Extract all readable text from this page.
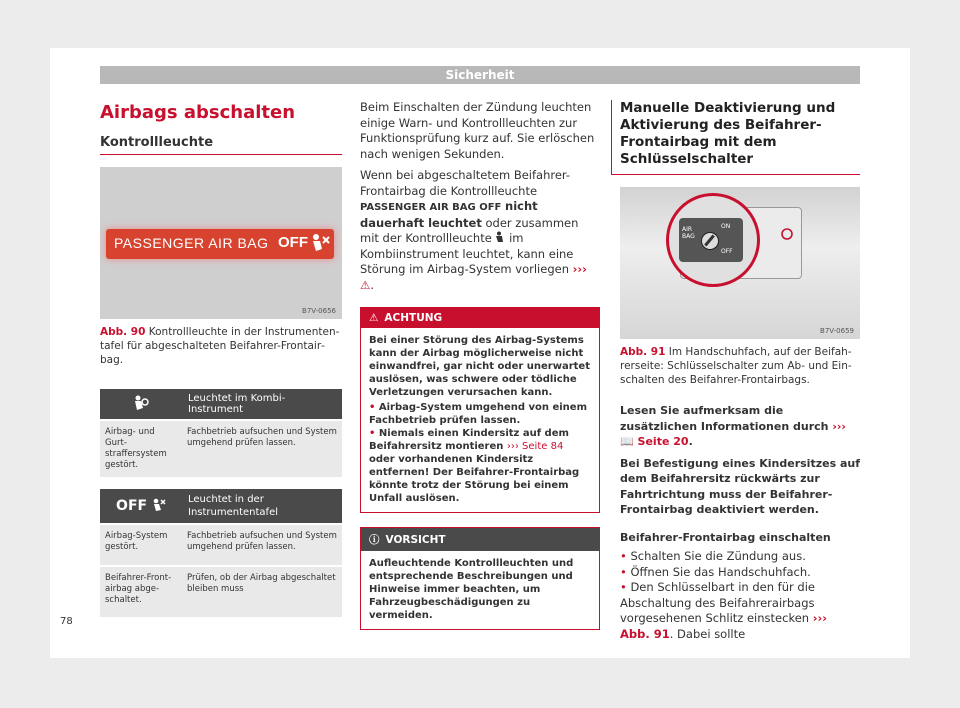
Sicherheit
Airbags abschalten
Kontrollleuchte
PASSENGER AIR BAG OFF
B7V-0656
Abb. 90 Kontrollleuchte in der Instrumententafel für abgeschalteten Beifahrer-Frontairbag.
	Leuchtet im Kombi-Instrument
Airbag- und Gurtstraffersystem gestört.	Fachbetrieb aufsuchen und System umgehend prüfen lassen.
OFF	Leuchtet in der Instrumententafel
Airbag-System gestört.	Fachbetrieb aufsuchen und System umgehend prüfen lassen.
Beifahrer-Frontairbag abgeschaltet.	Prüfen, ob der Airbag abgeschaltet bleiben muss
78

Beim Einschalten der Zündung leuchten einige Warn- und Kontrollleuchten zur Funktionsprüfung kurz auf. Sie erlöschen nach wenigen Sekunden.

Wenn bei abgeschaltetem Beifahrer-Frontairbag die Kontrollleuchte PASSENGER AIR BAG OFF nicht dauerhaft leuchtet oder zusammen mit der Kontrollleuchte im Kombiinstrument leuchtet, kann eine Störung im Airbag-System vorliegen ››› ⚠.

⚠ ACHTUNG
Bei einer Störung des Airbag-Systems kann der Airbag möglicherweise nicht einwandfrei, gar nicht oder unerwartet auslösen, was schwere oder tödliche Verletzungen verursachen kann.
• Airbag-System umgehend von einem Fachbetrieb prüfen lassen.
• Niemals einen Kindersitz auf dem Beifahrersitz montieren ››› Seite 84 oder vorhandenen Kindersitz entfernen! Der Beifahrer-Frontairbag könnte trotz der Störung bei einem Unfall auslösen.
ⓘ VORSICHT
Aufleuchtende Kontrollleuchten und entsprechende Beschreibungen und Hinweise immer beachten, um Fahrzeugbeschädigungen zu vermeiden.
Manuelle Deaktivierung und Aktivierung des Beifahrer-Frontairbag mit dem Schlüsselschalter
AIR
BAG
ON
OFF
B7V-0659
Abb. 91 Im Handschuhfach, auf der Beifahrerseite: Schlüsselschalter zum Ab- und Einschalten des Beifahrer-Frontairbags.

Lesen Sie aufmerksam die zusätzlichen Informationen durch ››› 📖 Seite 20.

Bei Befestigung eines Kindersitzes auf dem Beifahrersitz rückwärts zur Fahrtrichtung muss der Beifahrer-Frontairbag deaktiviert werden.

Beifahrer-Frontairbag einschalten

• Schalten Sie die Zündung aus.

• Öffnen Sie das Handschuhfach.

• Den Schlüsselbart in den für die Abschaltung des Beifahrerairbags vorgesehenen Schlitz einstecken ››› Abb. 91. Dabei sollte
